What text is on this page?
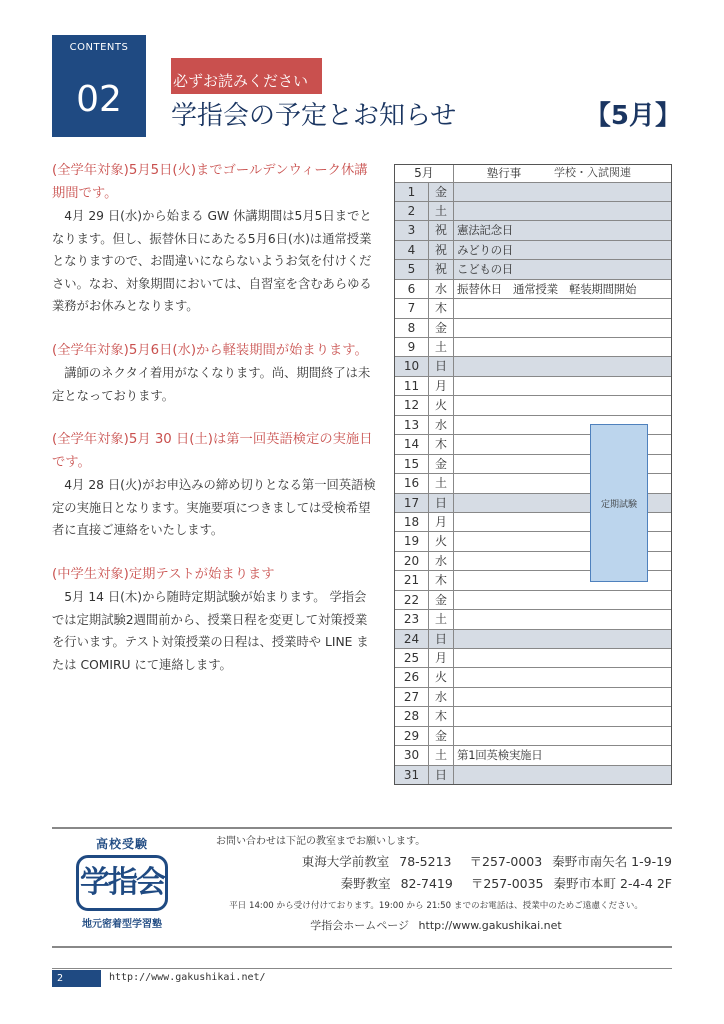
CONTENTS
02	必ずお読みください
学指会の予定とお知らせ	【5月】
(全学年対象)5月5日(火)までゴールデンウィーク休講期間です。
4月 29 日(水)から始まる GW 休講期間は5月5日までとなります。但し、振替休日にあたる5月6日(水)は通常授業となりますので、お間違いにならないようお気を付けください。なお、対象期間においては、自習室を含むあらゆる業務がお休みとなります。
(全学年対象)5月6日(水)から軽装期間が始まります。
講師のネクタイ着用がなくなります。尚、期間終了は未定となっております。
(全学年対象)5月 30 日(土)は第一回英語検定の実施日です。
4月 28 日(火)がお申込みの締め切りとなる第一回英語検定の実施日となります。実施要項につきましては受検希望者に直接ご連絡をいたします。
(中学生対象)定期テストが始まります
5月 14 日(木)から随時定期試験が始まります。 学指会では定期試験2週間前から、授業日程を変更して対策授業を行います。テスト対策授業の日程は、授業時や LINE または COMIRU にて連絡します。
5月	塾行事	学校・入試関連
1	金
2	土
3	祝 憲法記念日
4	祝 みどりの日
5	祝 こどもの日
6	水 振替休日　通常授業　軽装期間開始
7	木
8	金
9	土
10	日
11	月
12	火
13	水
14	木
15	金
16	土
17	日
18	月
19	火
20	水
21	木
22	金
23	土
24	日
25	月
26	火
27	水
28	木
29	金
30	土 第1回英検実施日
31	日
定期試験
高校受験
学指会
地元密着型学習塾
お問い合わせは下記の教室までお願いします。
東海大学前教室 78-5213 〒257-0003 秦野市南矢名 1-9-19
秦野教室 82-7419 〒257-0035 秦野市本町 2-4-4 2F
平日 14:00 から受け付けております。19:00 から 21:50 までのお電話は、授業中のためご遠慮ください。
学指会ホームページ http://www.gakushikai.net
2	http://www.gakushikai.net/
